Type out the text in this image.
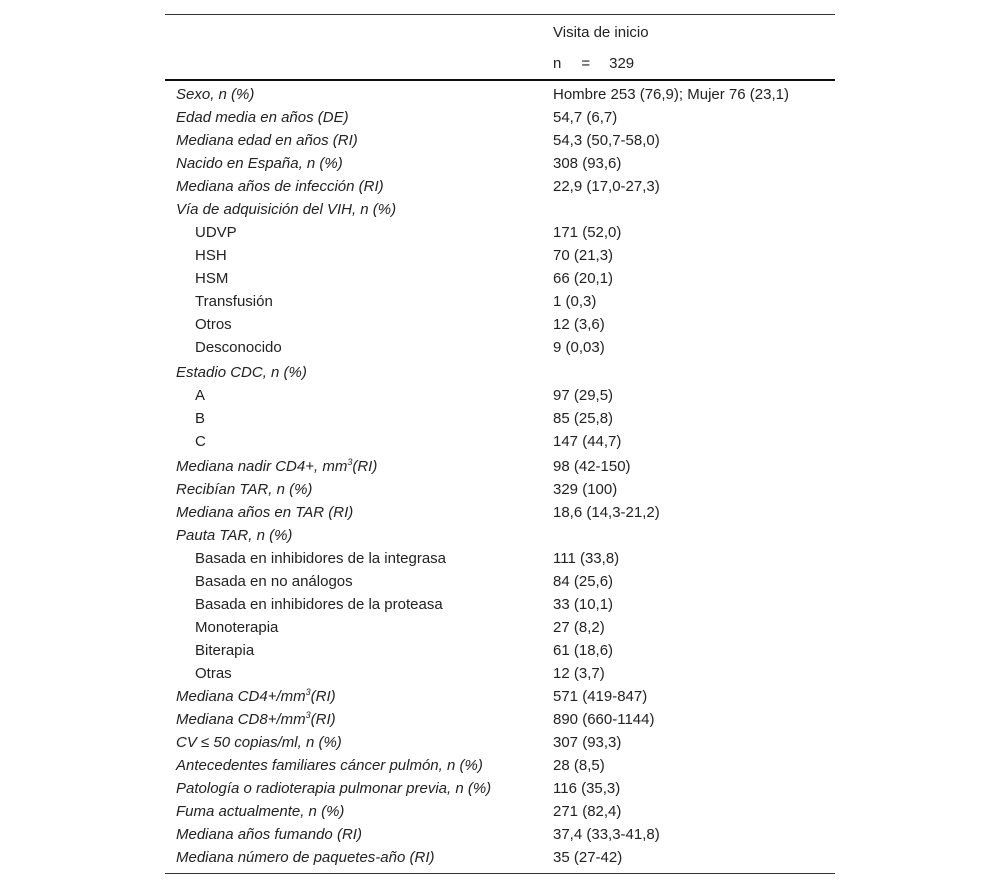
Visita de inicio
n = 329
Sexo, n (%)	Hombre 253 (76,9); Mujer 76 (23,1)
Edad media en años (DE)	54,7 (6,7)
Mediana edad en años (RI)	54,3 (50,7-58,0)
Nacido en España, n (%)	308 (93,6)
Mediana años de infección (RI)	22,9 (17,0-27,3)
Vía de adquisición del VIH, n (%)
UDVP	171 (52,0)
HSH	70 (21,3)
HSM	66 (20,1)
Transfusión	1 (0,3)
Otros	12 (3,6)
Desconocido	9 (0,03)
Estadio CDC, n (%)
A	97 (29,5)
B	85 (25,8)
C	147 (44,7)
Mediana nadir CD4+, $mm^3(RI)$	98 (42-150)
Recibían TAR, n (%)	329 (100)
Mediana años en TAR (RI)	18,6 (14,3-21,2)
Pauta TAR, n (%)
Basada en inhibidores de la integrasa	111 (33,8)
Basada en no análogos	84 (25,6)
Basada en inhibidores de la proteasa	33 (10,1)
Monoterapia	27 (8,2)
Biterapia	61 (18,6)
Otras	12 (3,7)
Mediana $CD4+/mm^3(RI)$	571 (419-847)
Mediana $CD8+/mm^3(RI)$	890 (660-1144)
CV ≤ 50 copias/ml, n (%)	307 (93,3)
Antecedentes familiares cáncer pulmón, n (%)	28 (8,5)
Patología o radioterapia pulmonar previa, n (%)	116 (35,3)
Fuma actualmente, n (%)	271 (82,4)
Mediana años fumando (RI)	37,4 (33,3-41,8)
Mediana número de paquetes-año (RI)	35 (27-42)
